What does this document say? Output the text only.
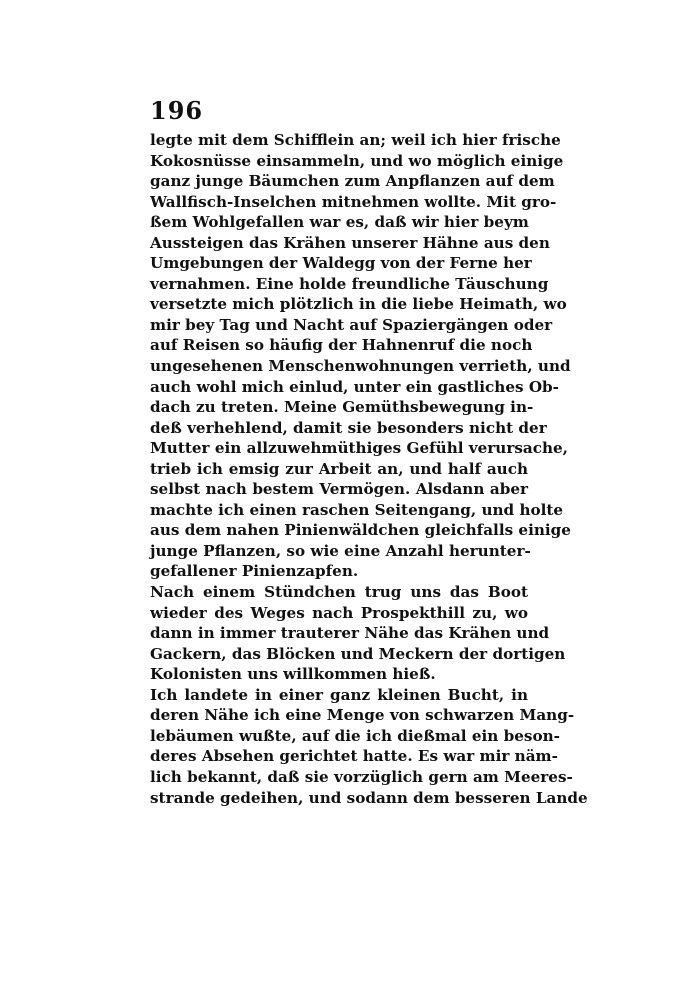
196
legte mit dem Schifflein an; weil ich hier frische
Kokosnüsse einsammeln, und wo möglich einige
ganz junge Bäumchen zum Anpflanzen auf dem
Wallfisch-Inselchen mitnehmen wollte. Mit gro-
ßem Wohlgefallen war es, daß wir hier beym
Aussteigen das Krähen unserer Hähne aus den
Umgebungen der Waldegg von der Ferne her
vernahmen. Eine holde freundliche Täuschung
versetzte mich plötzlich in die liebe Heimath, wo
mir bey Tag und Nacht auf Spaziergängen oder
auf Reisen so häufig der Hahnenruf die noch
ungesehenen Menschenwohnungen verrieth, und
auch wohl mich einlud, unter ein gastliches Ob-
dach zu treten. Meine Gemüthsbewegung in-
deß verhehlend, damit sie besonders nicht der
Mutter ein allzuwehmüthiges Gefühl verursache,
trieb ich emsig zur Arbeit an, und half auch
selbst nach bestem Vermögen. Alsdann aber
machte ich einen raschen Seitengang, und holte
aus dem nahen Pinienwäldchen gleichfalls einige
junge Pflanzen, so wie eine Anzahl herunter-
gefallener Pinienzapfen.
Nach einem Stündchen trug uns das Boot
wieder des Weges nach Prospekthill zu, wo
dann in immer trauterer Nähe das Krähen und
Gackern, das Blöcken und Meckern der dortigen
Kolonisten uns willkommen hieß.
Ich landete in einer ganz kleinen Bucht, in
deren Nähe ich eine Menge von schwarzen Mang-
lebäumen wußte, auf die ich dießmal ein beson-
deres Absehen gerichtet hatte. Es war mir näm-
lich bekannt, daß sie vorzüglich gern am Meeres-
strande gedeihen, und sodann dem besseren Lande
